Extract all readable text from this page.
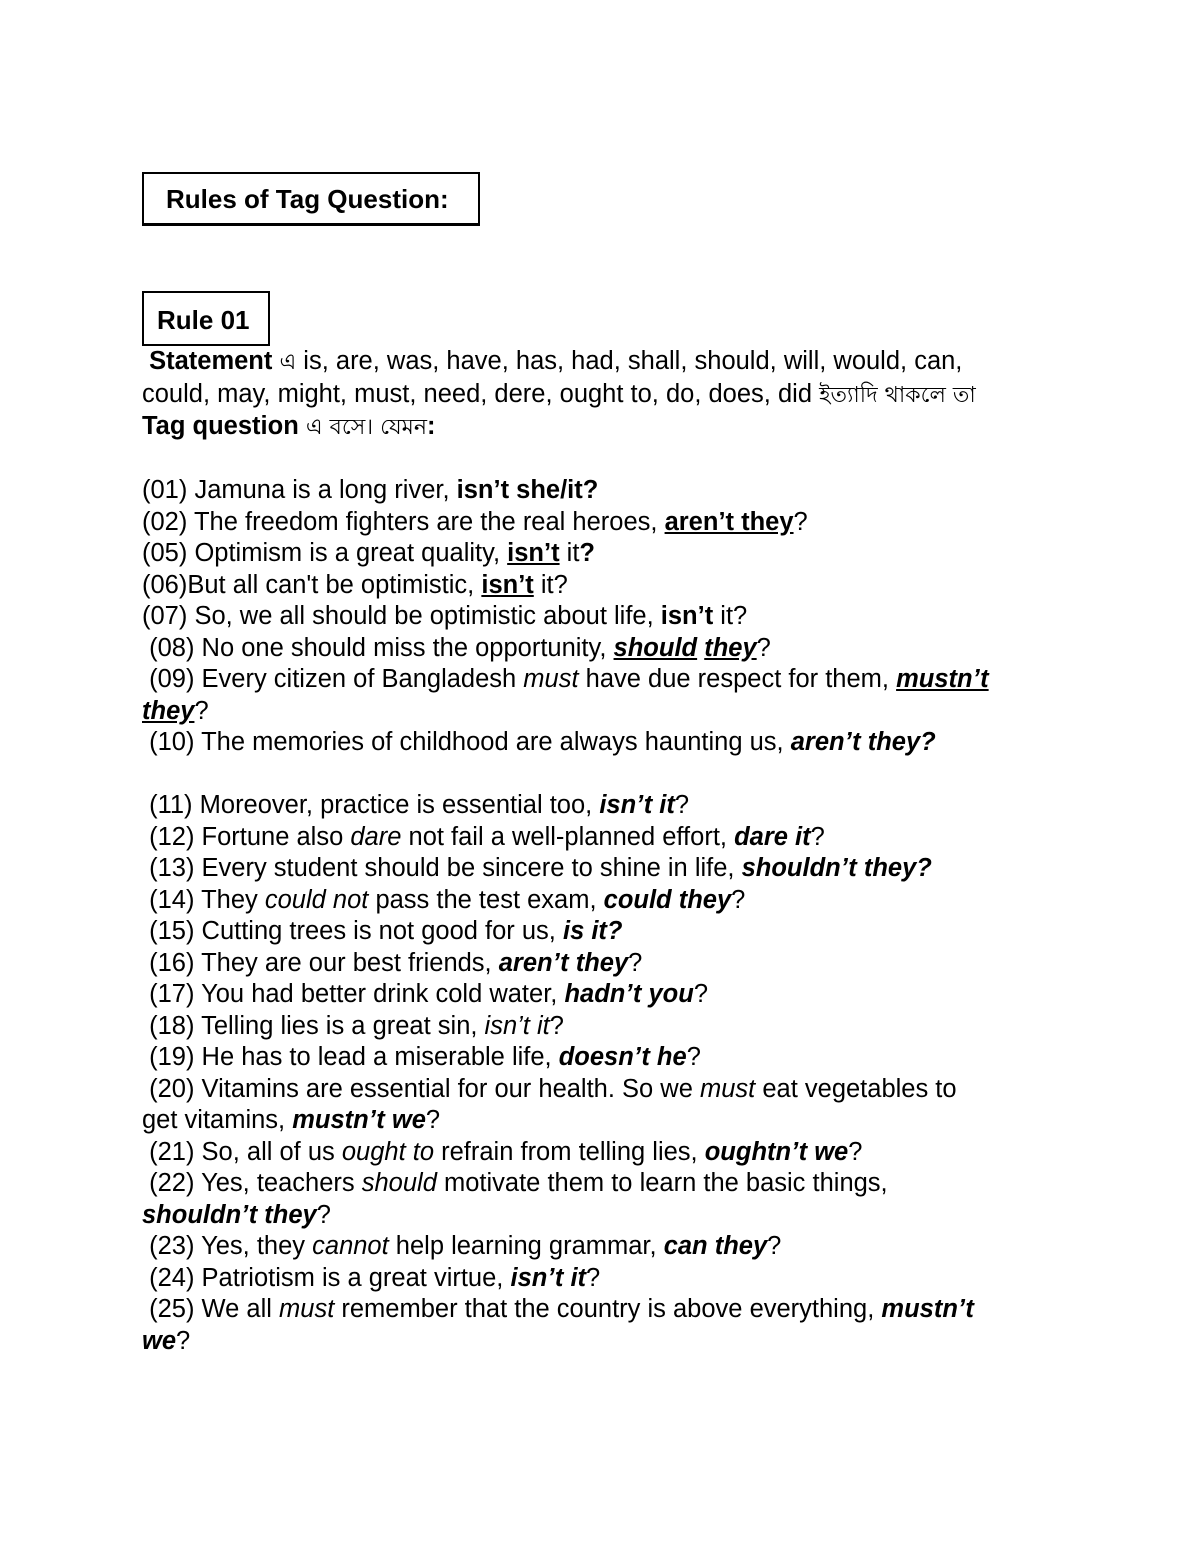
Rules of Tag Question:
Rule 01

Statement এ is, are, was, have, has, had, shall, should, will, would, can,

could, may, might, must, need, dere, ought to, do, does, did ইত্যাদি থাকলে তা

Tag question এ বসে। যেমন:

(01) Jamuna is a long river, isn’t she/it?

(02) The freedom fighters are the real heroes, aren’t they?

(05) Optimism is a great quality, isn’t it?

(06)But all can't be optimistic, isn’t it?

(07) So, we all should be optimistic about life, isn’t it?

(08) No one should miss the opportunity, should they?

(09) Every citizen of Bangladesh must have due respect for them, mustn’t
they?

(10) The memories of childhood are always haunting us, aren’t they?

(11) Moreover, practice is essential too, isn’t it?

(12) Fortune also dare not fail a well-planned effort, dare it?

(13) Every student should be sincere to shine in life, shouldn’t they?

(14) They could not pass the test exam, could they?

(15) Cutting trees is not good for us, is it?

(16) They are our best friends, aren’t they?

(17) You had better drink cold water, hadn’t you?

(18) Telling lies is a great sin, isn’t it?

(19) He has to lead a miserable life, doesn’t he?

(20) Vitamins are essential for our health. So we must eat vegetables to
get vitamins, mustn’t we?

(21) So, all of us ought to refrain from telling lies, oughtn’t we?

(22) Yes, teachers should motivate them to learn the basic things,
shouldn’t they?

(23) Yes, they cannot help learning grammar, can they?

(24) Patriotism is a great virtue, isn’t it?

(25) We all must remember that the country is above everything, mustn’t
we?
